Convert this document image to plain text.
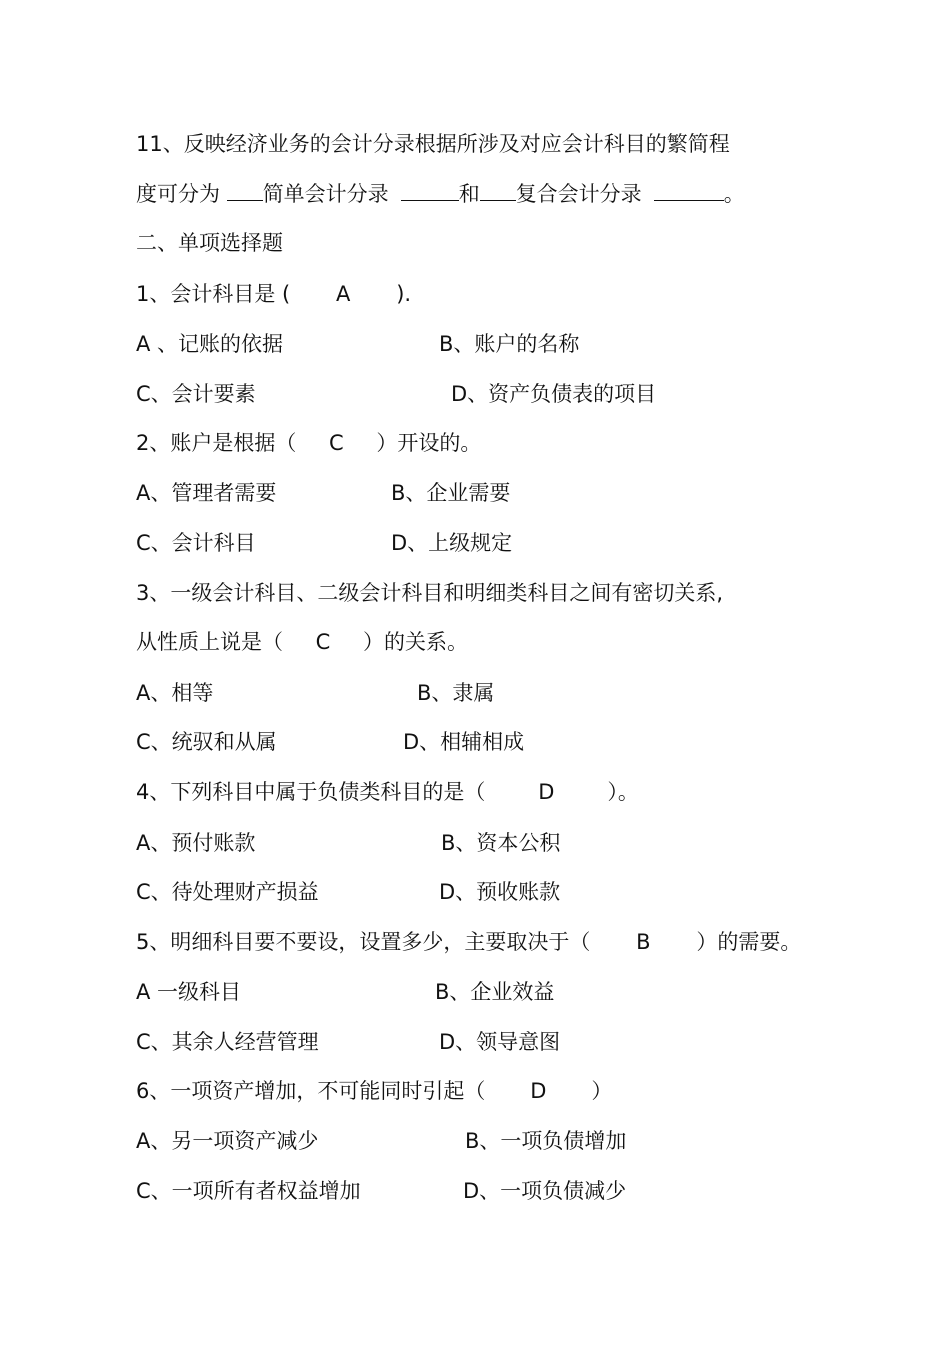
11、反映经济业务的会计分录根据所涉及对应会计科目的繁简程
度可分为 简单会计分录	和 复合会计分录	。
二、单项选择题
1、会计科目是 ( A ).
A 、记账的依据	B、账户的名称
C、会计要素	D、资产负债表的项目
2、账户是根据（ C ）开设的。
A、管理者需要	B、企业需要
C、会计科目	D、上级规定
3、一级会计科目、二级会计科目和明细类科目之间有密切关系,
从性质上说是（ C ）的关系。
A、相等	B、隶属
C、统驭和从属	D、相辅相成
4、下列科目中属于负债类科目的是（	D	）。
A、预付账款	B、资本公积
C、待处理财产损益	D、预收账款
5、明细科目要不要设，设置多少，主要取决于（ B ）的需要。
A 一级科目	B、企业效益
C、其余人经营管理	D、领导意图
6、一项资产增加，不可能同时引起（ D ）
A、另一项资产减少	B、一项负债增加
C、一项所有者权益增加	D、一项负债减少
